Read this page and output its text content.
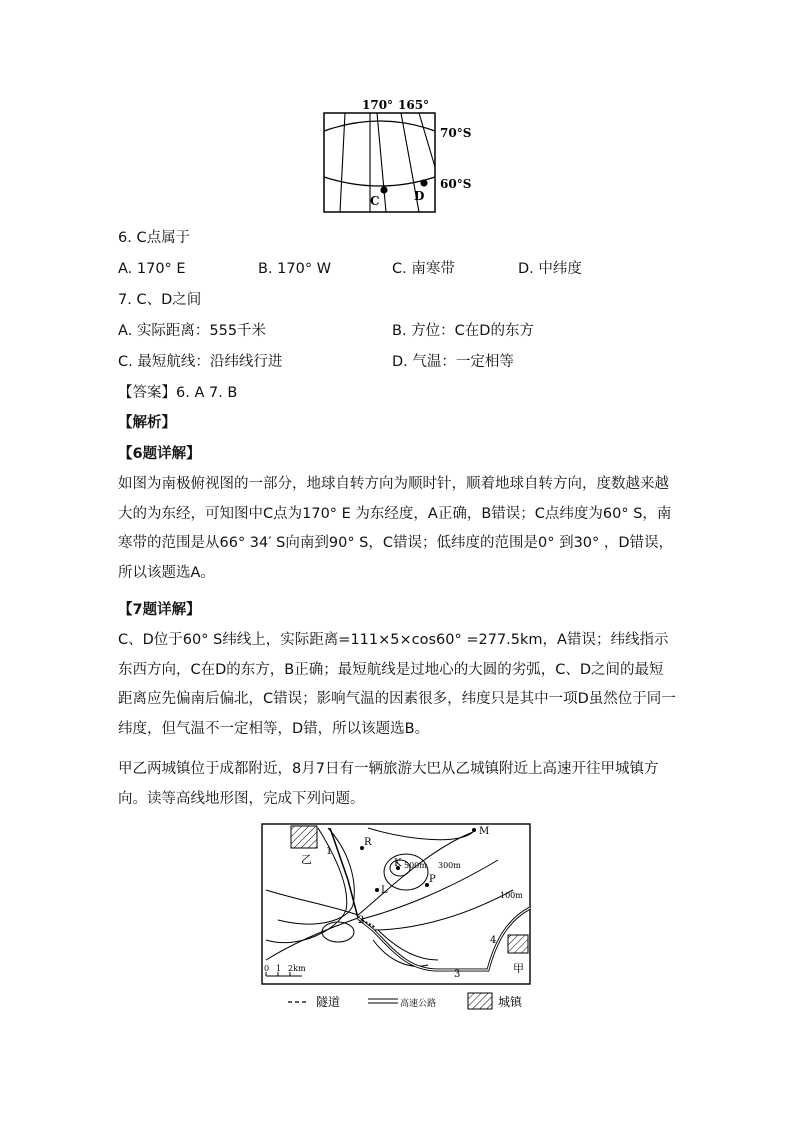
170° 165°
70°S
60°S
C	D
6. C点属于
A. 170° E	B. 170° W	C. 南寒带	D. 中纬度
7. C、D之间
A. 实际距离：555千米	B. 方位：C在D的东方
C. 最短航线：沿纬线行进	D. 气温：一定相等
【答案】6. A 7. B
【解析】
【6题详解】
如图为南极俯视图的一部分，地球自转方向为顺时针，顺着地球自转方向，度数越来越大的为东经，可知图中C点为170° E 为东经度，A正确，B错误；C点纬度为60° S，南寒带的范围是从66° 34′ S向南到90° S，C错误；低纬度的范围是0° 到30° ，D错误，所以该题选A。
【7题详解】
C、D位于60° S纬线上，实际距离=111×5×cos60° =277.5km，A错误；纬线指示东西方向，C在D的东方，B正确；最短航线是过地心的大圆的劣弧，C、D之间的最短距离应先偏南后偏北，C错误；影响气温的因素很多，纬度只是其中一项D虽然位于同一纬度，但气温不一定相等，D错，所以该题选B。
甲乙两城镇位于成都附近，8月7日有一辆旅游大巴从乙城镇附近上高速开往甲城镇方向。读等高线地形图，完成下列问题。
乙
甲
R
K
L
P
M
1
2
3
4
500m 300m
100m
0 1 2km
隧道	高速公路	城镇
